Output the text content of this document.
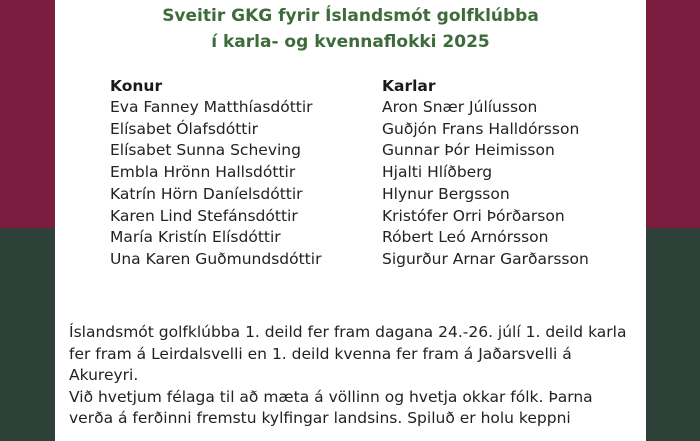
Sveitir GKG fyrir Íslandsmót golfklúbba
í karla- og kvennaflokki 2025
Konur
Eva Fanney Matthíasdóttir
Elísabet Ólafsdóttir
Elísabet Sunna Scheving
Embla Hrönn Hallsdóttir
Katrín Hörn Daníelsdóttir
Karen Lind Stefánsdóttir
María Kristín Elísdóttir
Una Karen Guðmundsdóttir
Karlar
Aron Snær Júlíusson
Guðjón Frans Halldórsson
Gunnar Þór Heimisson
Hjalti Hlíðberg
Hlynur Bergsson
Kristófer Orri Þórðarson
Róbert Leó Arnórsson
Sigurður Arnar Garðarsson

Íslandsmót golfklúbba 1. deild fer fram dagana 24.-26. júlí 1. deild karla fer fram á Leirdalsvelli en 1. deild kvenna fer fram á Jaðarsvelli á Akureyri.

Við hvetjum félaga til að mæta á völlinn og hvetja okkar fólk. Þarna verða á ferðinni fremstu kylfingar landsins. Spiluð er holu keppni
